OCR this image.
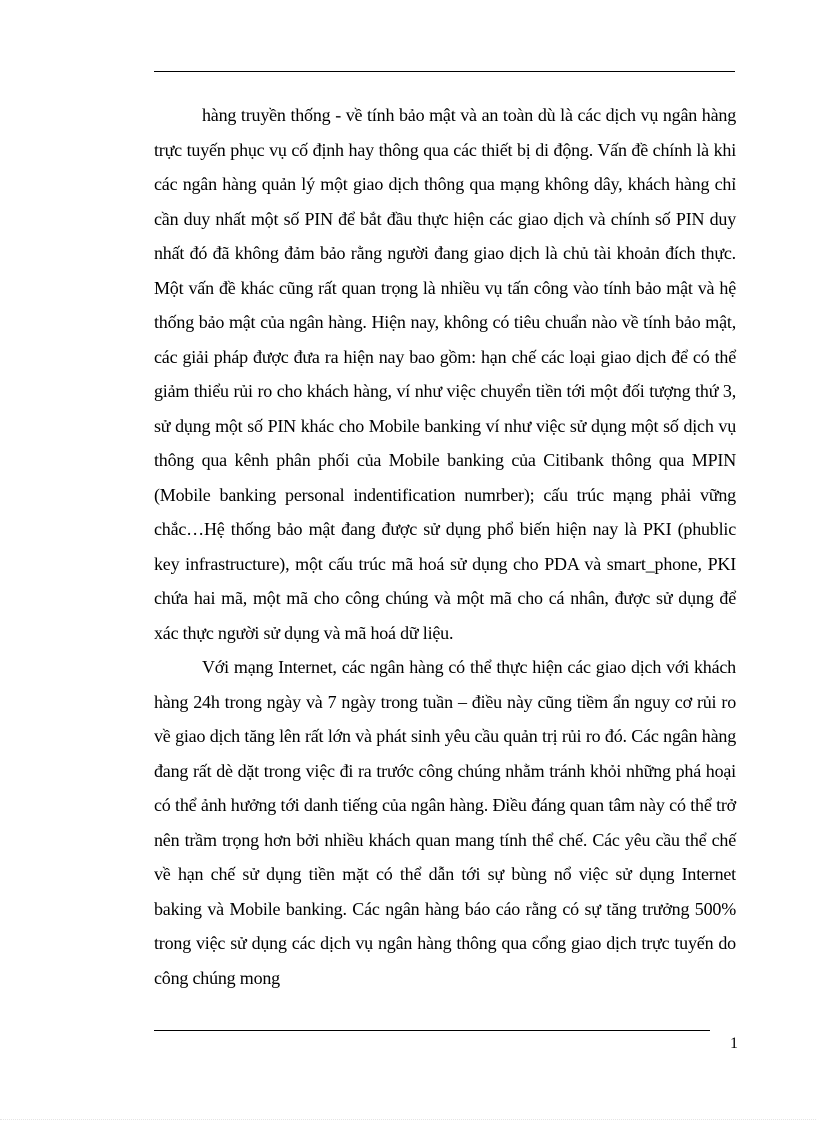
hàng truyền thống - về tính bảo mật và an toàn dù là các dịch vụ ngân hàng trực tuyến phục vụ cố định hay thông qua các thiết bị di động. Vấn đề chính là khi các ngân hàng quản lý một giao dịch thông qua mạng không dây, khách hàng chỉ cần duy nhất một số PIN để bắt đầu thực hiện các giao dịch và chính số PIN duy nhất đó đã không đảm bảo rằng người đang giao dịch là chủ tài khoản đích thực. Một vấn đề khác cũng rất quan trọng là nhiều vụ tấn công vào tính bảo mật và hệ thống bảo mật của ngân hàng. Hiện nay, không có tiêu chuẩn nào về tính bảo mật, các giải pháp được đưa ra hiện nay bao gồm: hạn chế các loại giao dịch để có thể giảm thiểu rủi ro cho khách hàng, ví như việc chuyển tiền tới một đối tượng thứ 3, sử dụng một số PIN khác cho Mobile banking ví như việc sử dụng một số dịch vụ thông qua kênh phân phối của Mobile banking của Citibank thông qua MPIN (Mobile banking personal indentification numrber); cấu trúc mạng phải vững chắc…Hệ thống bảo mật đang được sử dụng phổ biến hiện nay là PKI (phublic key infrastructure), một cấu trúc mã hoá sử dụng cho PDA và smart_phone, PKI chứa hai mã, một mã cho công chúng và một mã cho cá nhân, được sử dụng để xác thực người sử dụng và mã hoá dữ liệu.

Với mạng Internet, các ngân hàng có thể thực hiện các giao dịch với khách hàng 24h trong ngày và 7 ngày trong tuần – điều này cũng tiềm ẩn nguy cơ rủi ro về giao dịch tăng lên rất lớn và phát sinh yêu cầu quản trị rủi ro đó. Các ngân hàng đang rất dè dặt trong việc đi ra trước công chúng nhằm tránh khỏi những phá hoại có thể ảnh hưởng tới danh tiếng của ngân hàng. Điều đáng quan tâm này có thể trở nên trầm trọng hơn bởi nhiều khách quan mang tính thể chế. Các yêu cầu thể chế về hạn chế sử dụng tiền mặt có thể dẫn tới sự bùng nổ việc sử dụng Internet baking và Mobile banking. Các ngân hàng báo cáo rằng có sự tăng trưởng 500% trong việc sử dụng các dịch vụ ngân hàng thông qua cổng giao dịch trực tuyến do công chúng mong

1
